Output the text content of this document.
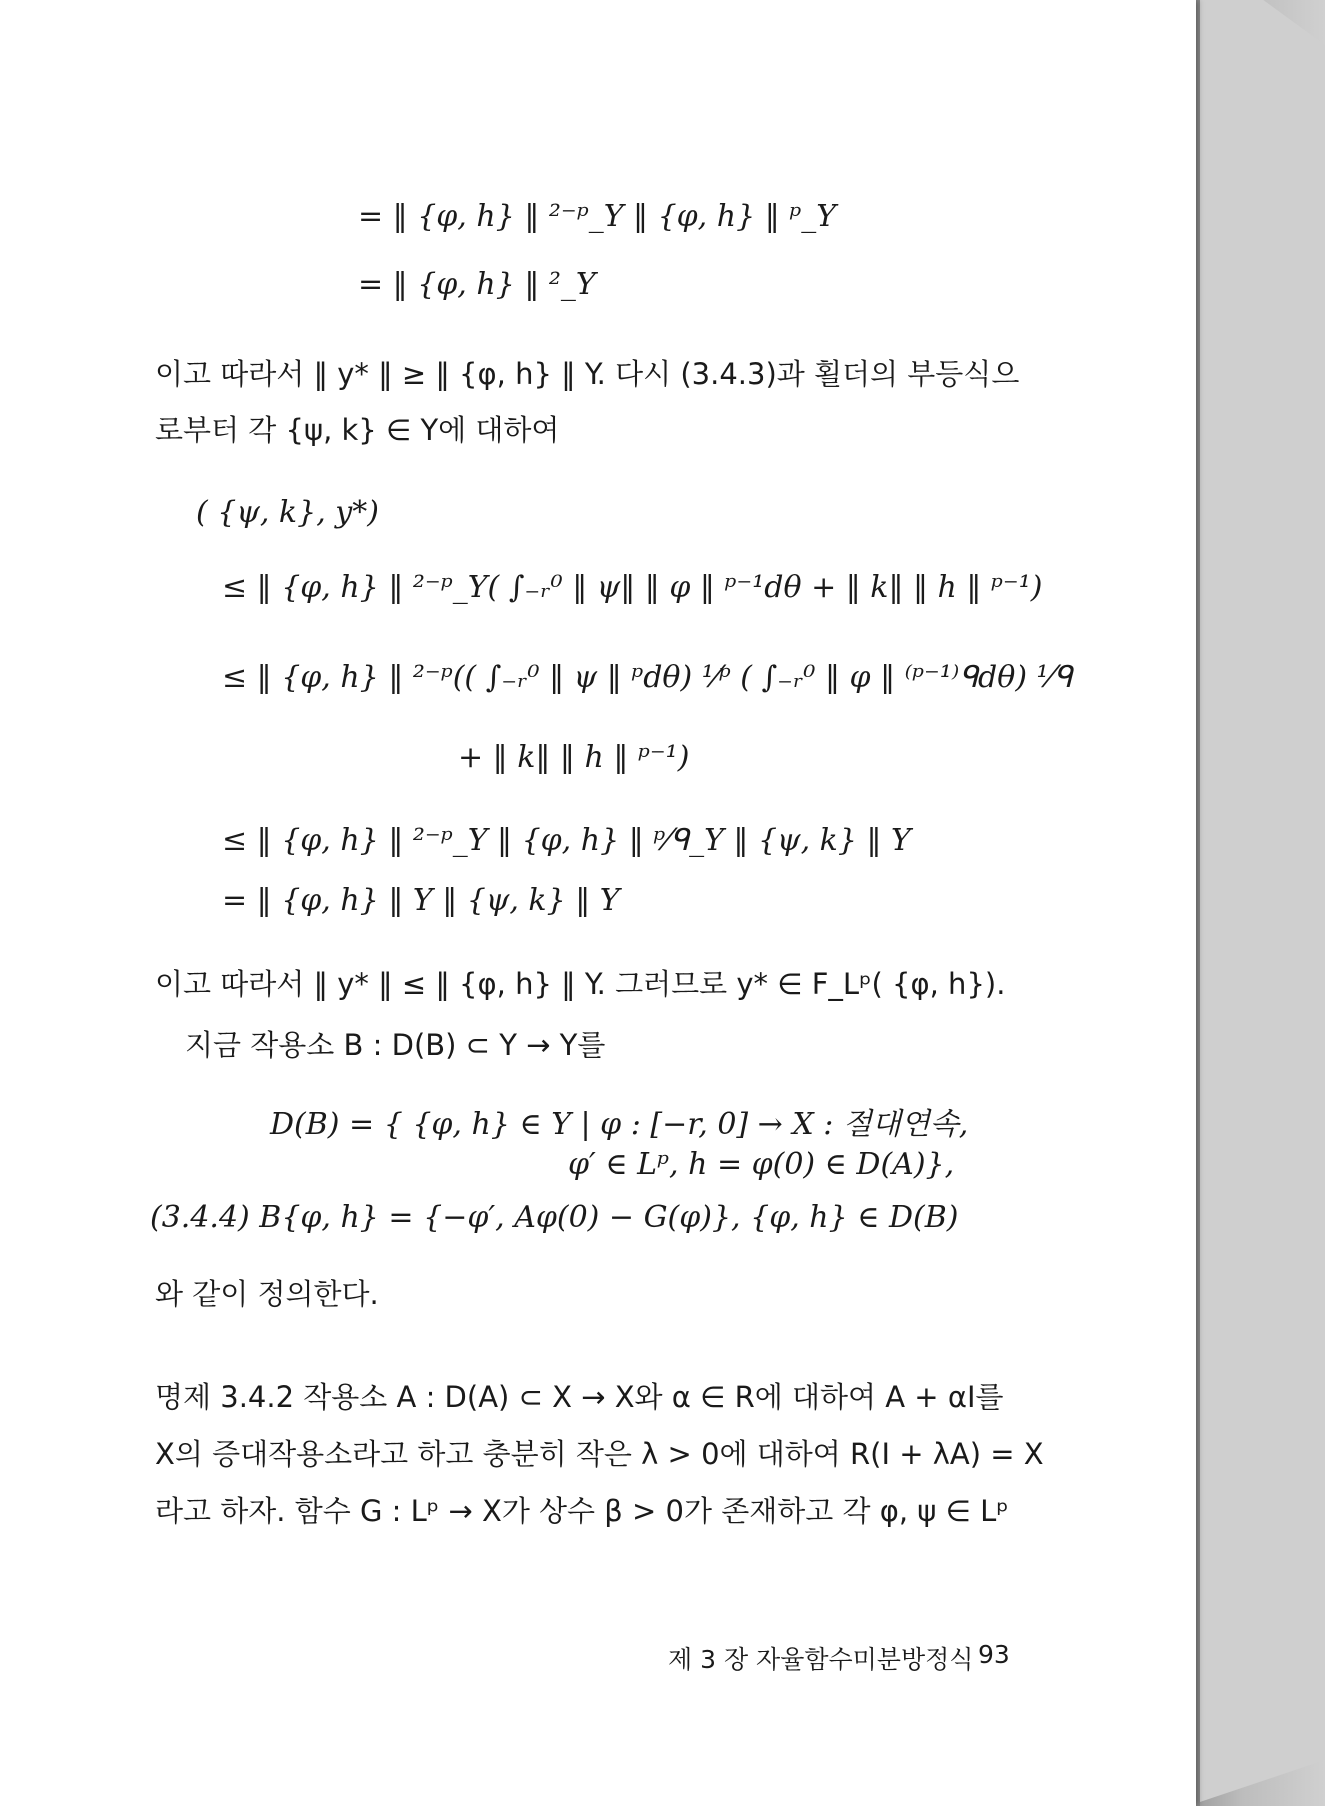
= ‖ {φ, h} ‖ ²⁻ᵖ_Y ‖ {φ, h} ‖ ᵖ_Y
= ‖ {φ, h} ‖ ²_Y
이고 따라서 ‖ y* ‖ ≥ ‖ {φ, h} ‖ Y. 다시 (3.4.3)과 횔더의 부등식으
로부터 각 {ψ, k} ∈ Y에 대하여
( {ψ, k}, y*)
≤ ‖ {φ, h} ‖ ²⁻ᵖ_Y( ∫₋ᵣ⁰ ‖ ψ‖ ‖ φ ‖ ᵖ⁻¹dθ + ‖ k‖ ‖ h ‖ ᵖ⁻¹)
≤ ‖ {φ, h} ‖ ²⁻ᵖ(( ∫₋ᵣ⁰ ‖ ψ ‖ ᵖdθ) ¹⁄ᵖ ( ∫₋ᵣ⁰ ‖ φ ‖ ⁽ᵖ⁻¹⁾ᑫdθ) ¹⁄ᑫ
+ ‖ k‖ ‖ h ‖ ᵖ⁻¹)
≤ ‖ {φ, h} ‖ ²⁻ᵖ_Y ‖ {φ, h} ‖ ᵖ⁄ᑫ_Y ‖ {ψ, k} ‖ Y
= ‖ {φ, h} ‖ Y ‖ {ψ, k} ‖ Y
이고 따라서 ‖ y* ‖ ≤ ‖ {φ, h} ‖ Y. 그러므로 y* ∈ F_Lᵖ( {φ, h}).
지금 작용소 B : D(B) ⊂ Y → Y를
D(B) = { {φ, h} ∈ Y | φ : [−r, 0] → X : 절대연속,
φ′ ∈ Lᵖ, h = φ(0) ∈ D(A)},
(3.4.4) B{φ, h} = {−φ′, Aφ(0) − G(φ)}, {φ, h} ∈ D(B)
와 같이 정의한다.
명제 3.4.2 작용소 A : D(A) ⊂ X → X와 α ∈ R에 대하여 A + αI를
X의 증대작용소라고 하고 충분히 작은 λ > 0에 대하여 R(I + λA) = X
라고 하자. 함수 G : Lᵖ → X가 상수 β > 0가 존재하고 각 φ, ψ ∈ Lᵖ
제 3 장 자율함수미분방정식 93
